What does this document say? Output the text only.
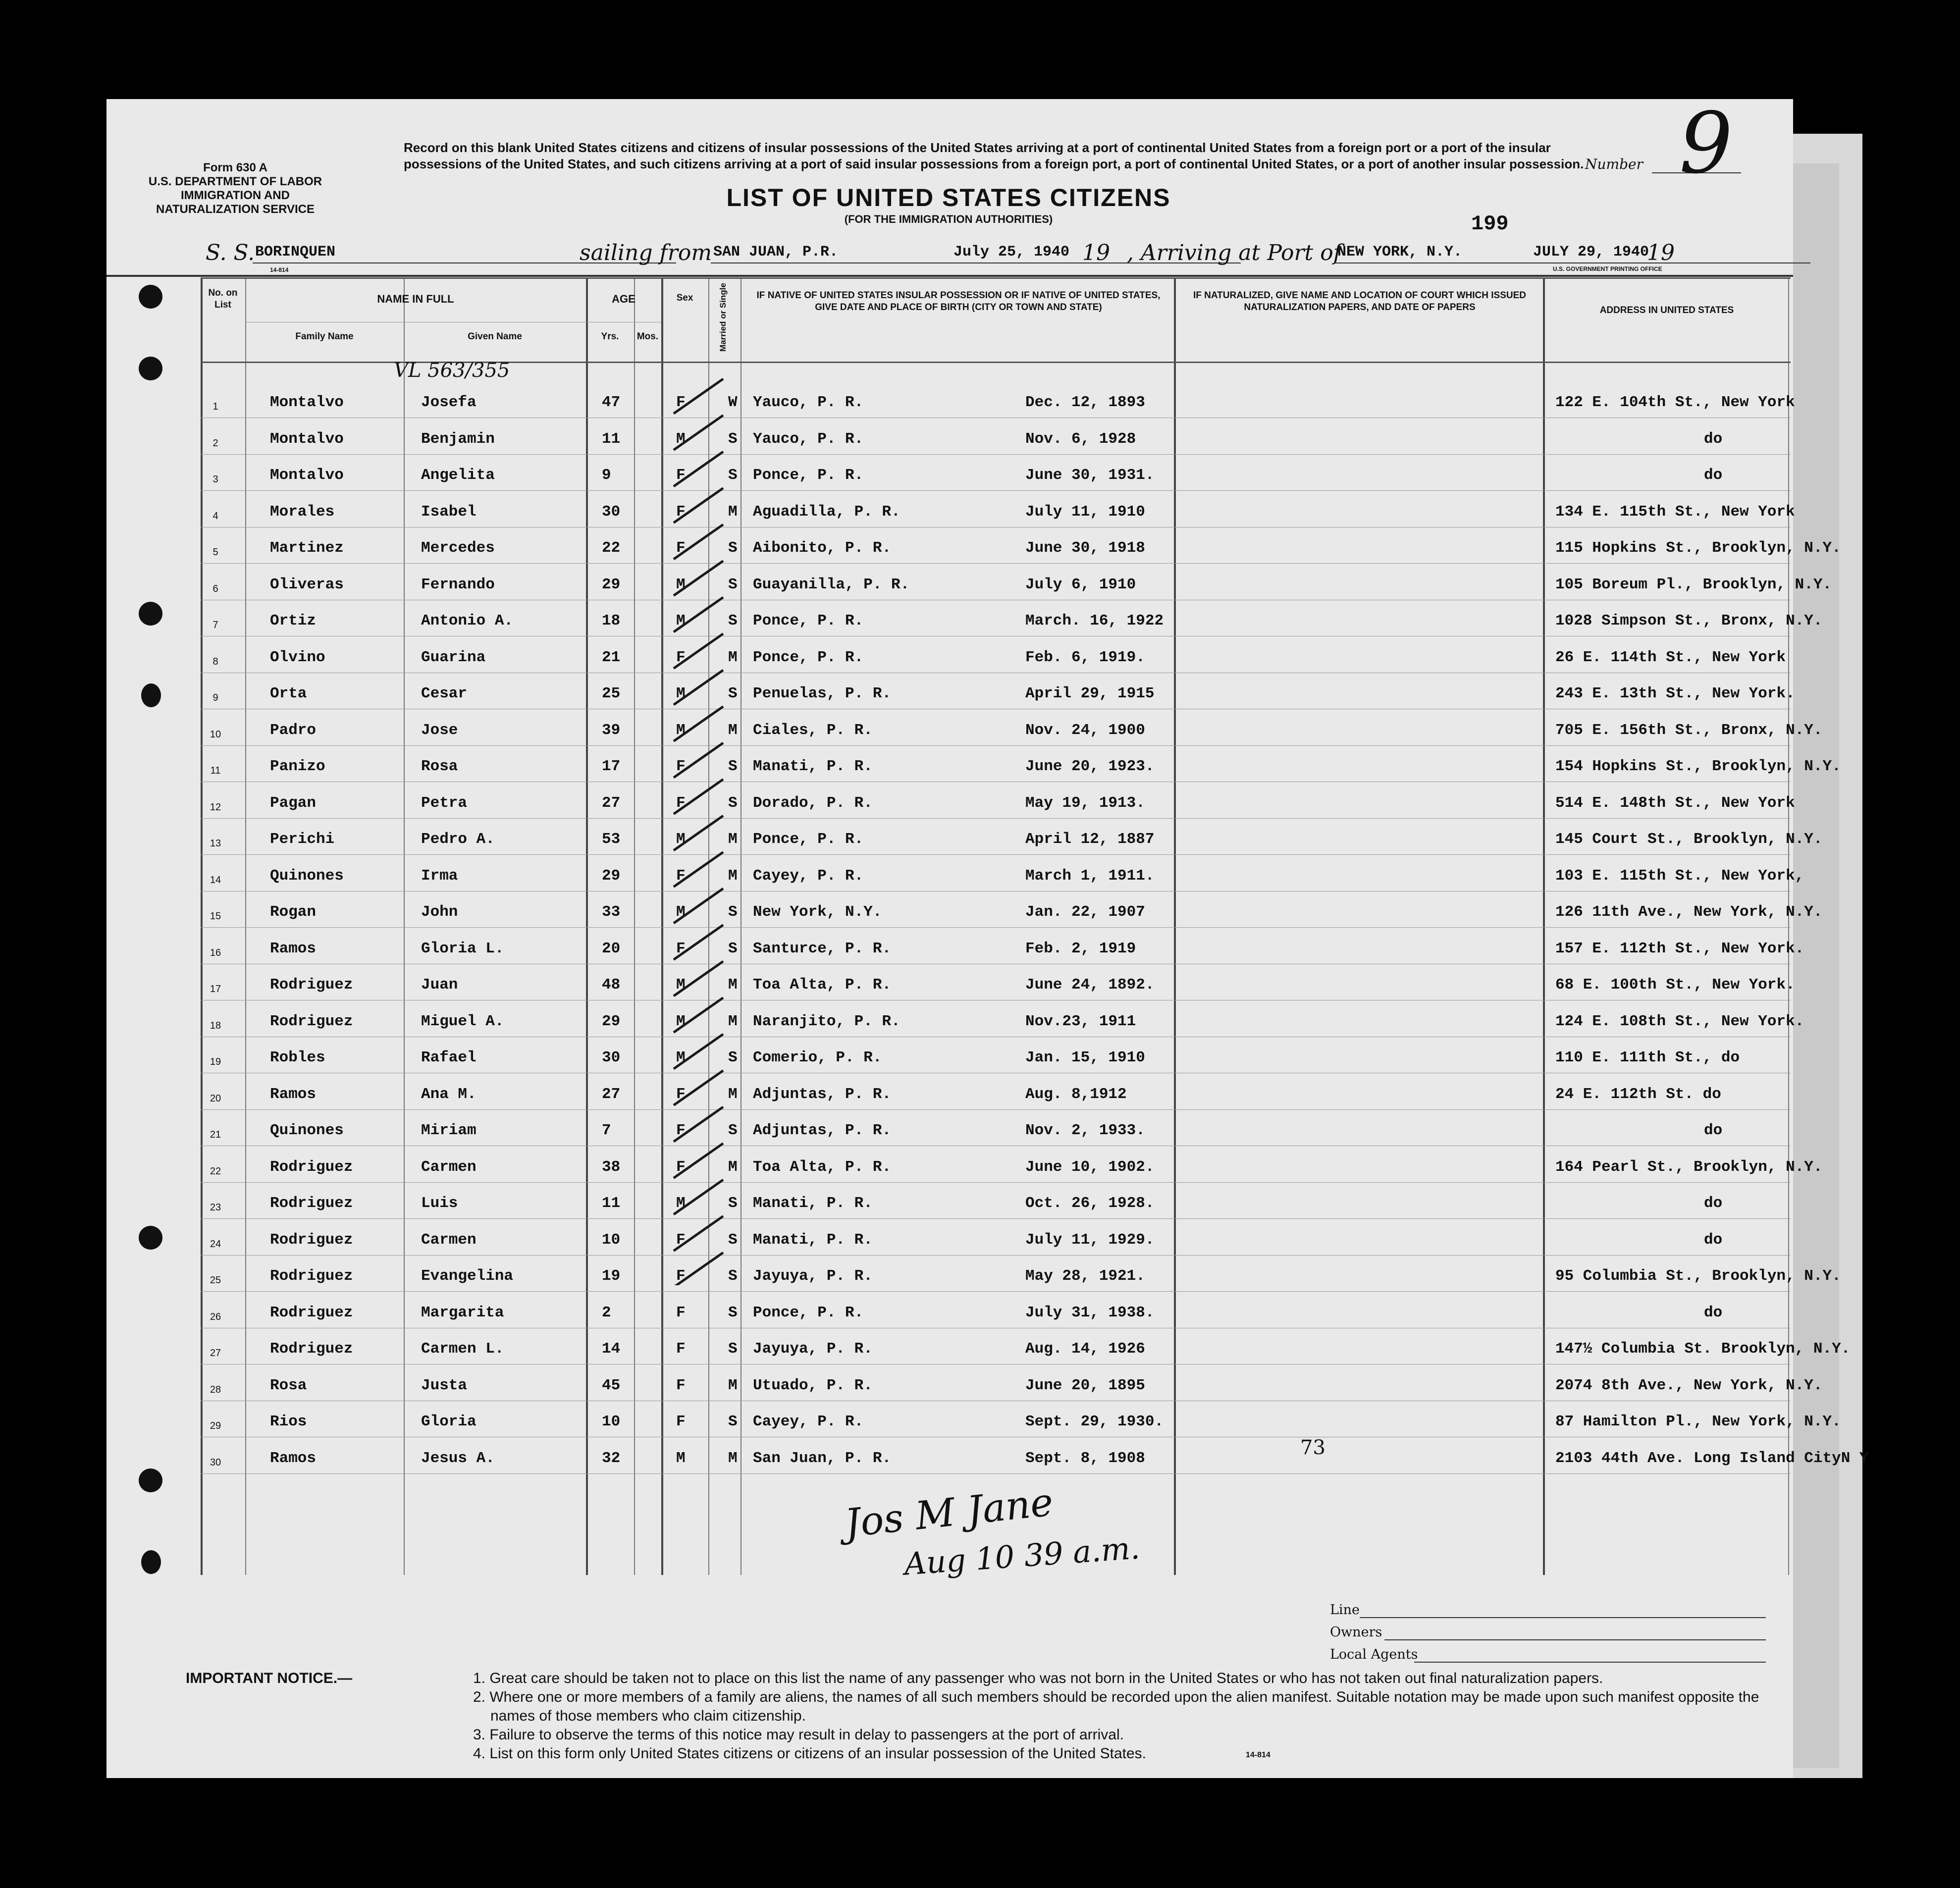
Form 630 A
U.S. DEPARTMENT OF LABOR
IMMIGRATION AND
NATURALIZATION SERVICE
Record on this blank United States citizens and citizens of insular possessions of the United States arriving at a port of continental United States from a foreign port or a port of the insular possessions of the United States, and such citizens arriving at a port of said insular possessions from a foreign port, a port of continental United States, or a port of another insular possession. Number 9
LIST OF UNITED STATES CITIZENS
(FOR THE IMMIGRATION AUTHORITIES)	199
S. S. BORINQUEN	sailing from SAN JUAN, P.R.	July 25, 1940 19 , Arriving at Port of
NEW YORK, N.Y.	JULY 29, 1940
19
U.S. GOVERNMENT PRINTING OFFICE
14-814
No. on List	NAME IN FULL
Family Name	Given Name
AGE
Yrs.	Mos.
Sex	Married or Single	IF NATIVE OF UNITED STATES INSULAR POSSESSION OR IF NATIVE OF UNITED STATES, GIVE DATE AND PLACE OF BIRTH (CITY OR TOWN AND STATE)
IF NATURALIZED, GIVE NAME AND LOCATION OF COURT WHICH ISSUED NATURALIZATION PAPERS, AND DATE OF PAPERS	ADDRESS IN UNITED STATES
VL 563/355
1	Montalvo	Josefa	47	F	W Yauco, P. R.	Dec. 12, 1893	122 E. 104th St., New York
2	Montalvo	Benjamin	11	M	S Yauco, P. R.	Nov. 6, 1928	do
3	Montalvo	Angelita	9	F	S Ponce, P. R.	June 30, 1931.	do
4	Morales	Isabel	30	F	M Aguadilla, P. R.	July 11, 1910	134 E. 115th St., New York
5	Martinez	Mercedes	22	F	S Aibonito, P. R.	June 30, 1918	115 Hopkins St., Brooklyn, N.Y.
6	Oliveras	Fernando	29	M	S Guayanilla, P. R.	July 6, 1910	105 Boreum Pl., Brooklyn, N.Y.
7	Ortiz	Antonio A.	18	M	S Ponce, P. R.	March. 16, 1922	1028 Simpson St., Bronx, N.Y.
8	Olvino	Guarina	21	F	M Ponce, P. R.	Feb. 6, 1919.	26 E. 114th St., New York
9	Orta	Cesar	25	M	S Penuelas, P. R.	April 29, 1915	243 E. 13th St., New York.
10	Padro	Jose	39	M	M Ciales, P. R.	Nov. 24, 1900	705 E. 156th St., Bronx, N.Y.
11	Panizo	Rosa	17	F	S Manati, P. R.	June 20, 1923.	154 Hopkins St., Brooklyn, N.Y.
12	Pagan	Petra	27	F	S Dorado, P. R.	May 19, 1913.	514 E. 148th St., New York
13	Perichi	Pedro A.	53	M	M Ponce, P. R.	April 12, 1887	145 Court St., Brooklyn, N.Y.
14	Quinones	Irma	29	F	M Cayey, P. R.	March 1, 1911.	103 E. 115th St., New York,
15	Rogan	John	33	M	S New York, N.Y.	Jan. 22, 1907	126 11th Ave., New York, N.Y.
16	Ramos	Gloria L.	20	F	S Santurce, P. R.	Feb. 2, 1919	157 E. 112th St., New York.
17	Rodriguez	Juan	48	M	M Toa Alta, P. R.	June 24, 1892.	68 E. 100th St., New York.
18	Rodriguez	Miguel A.	29	M	M Naranjito, P. R.	Nov.23, 1911	124 E. 108th St., New York.
19	Robles	Rafael	30	M	S Comerio, P. R.	Jan. 15, 1910	110 E. 111th St., do
20	Ramos	Ana M.	27	F	M Adjuntas, P. R.	Aug. 8,1912	24 E. 112th St. do
21	Quinones	Miriam	7	F	S Adjuntas, P. R.	Nov. 2, 1933.	do
22	Rodriguez	Carmen	38	F	M Toa Alta, P. R.	June 10, 1902.	164 Pearl St., Brooklyn, N.Y.
23	Rodriguez	Luis	11	M	S Manati, P. R.	Oct. 26, 1928.	do
24	Rodriguez	Carmen	10	F	S Manati, P. R.	July 11, 1929.	do
25	Rodriguez	Evangelina	19	F	S Jayuya, P. R.	May 28, 1921.	95 Columbia St., Brooklyn, N.Y.
26	Rodriguez	Margarita	2	F	S Ponce, P. R.	July 31, 1938.	do
27	Rodriguez	Carmen L.	14	F	S Jayuya, P. R.	Aug. 14, 1926	147½ Columbia St. Brooklyn, N.Y.
28	Rosa	Justa	45	F	M Utuado, P. R.	June 20, 1895	2074 8th Ave., New York, N.Y.
29	Rios	Gloria	10	F	S Cayey, P. R.	Sept. 29, 1930.	87 Hamilton Pl., New York, N.Y.
30	Ramos	Jesus A.	32	M	M San Juan, P. R.	Sept. 8, 1908	2103 44th Ave. Long Island CityN Y
73
Jos M Jane
Aug 10 39 a.m.
Line
Owners
Local Agents
IMPORTANT NOTICE.—	1. Great care should be taken not to place on this list the name of any passenger who was not born in the United States or who has not taken out final naturalization papers.
2. Where one or more members of a family are aliens, the names of all such members should be recorded upon the alien manifest. Suitable notation may be made upon such manifest opposite the names of those members who claim citizenship.
3. Failure to observe the terms of this notice may result in delay to passengers at the port of arrival.
4. List on this form only United States citizens or citizens of an insular possession of the United States.	14-814
